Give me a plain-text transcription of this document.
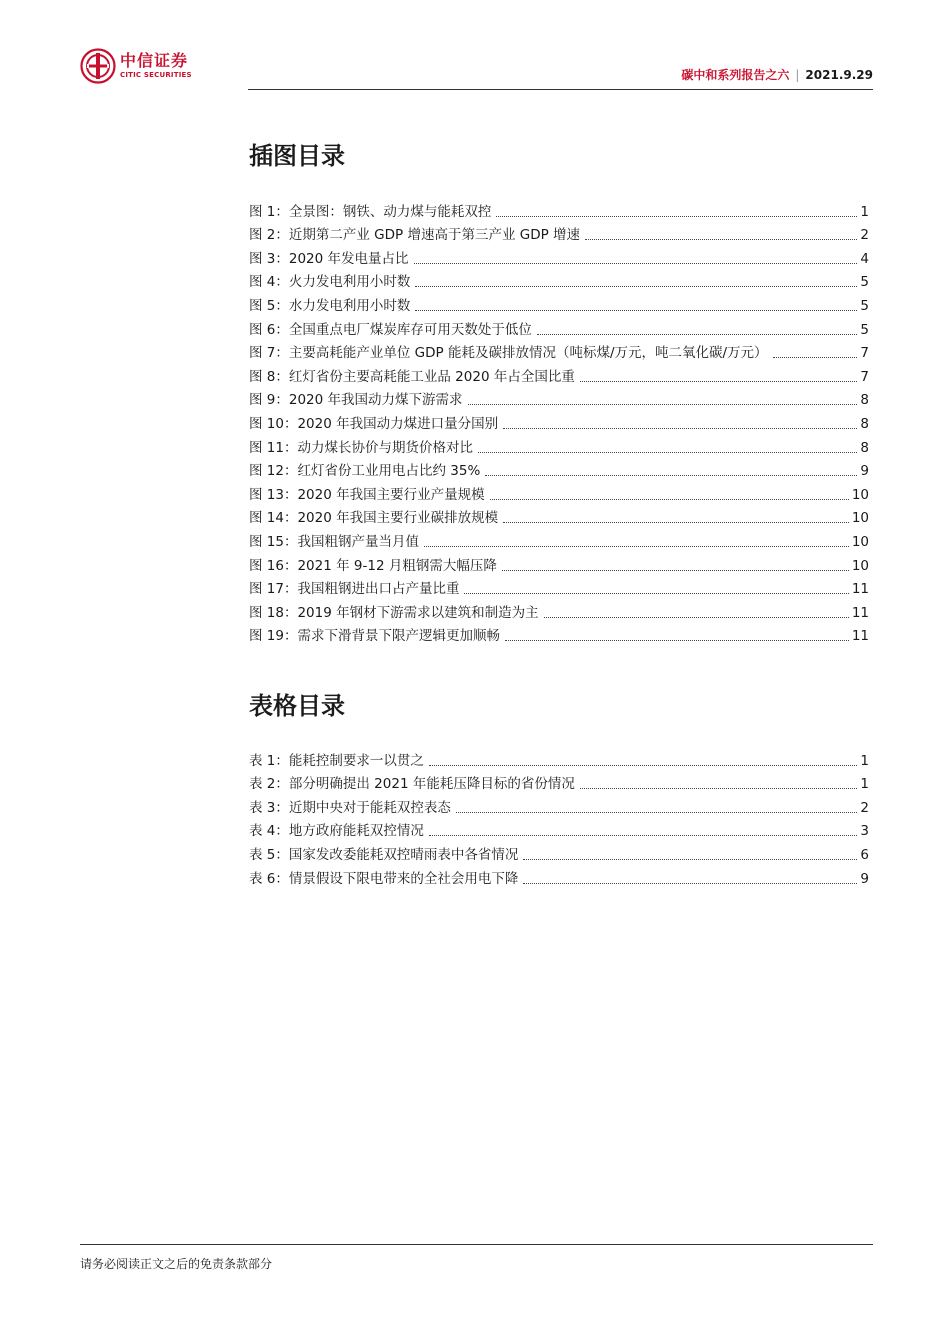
中信证券
CITIC SECURITIES	碳中和系列报告之六 | 2021.9.29
插图目录
图 1：全景图：钢铁、动力煤与能耗双控	1
图 2：近期第二产业 GDP 增速高于第三产业 GDP 增速	2
图 3：2020 年发电量占比	4
图 4：火力发电利用小时数	5
图 5：水力发电利用小时数	5
图 6：全国重点电厂煤炭库存可用天数处于低位	5
图 7：主要高耗能产业单位 GDP 能耗及碳排放情况（吨标煤/万元，吨二氧化碳/万元）	7
图 8：红灯省份主要高耗能工业品 2020 年占全国比重	7
图 9：2020 年我国动力煤下游需求	8
图 10：2020 年我国动力煤进口量分国别	8
图 11：动力煤长协价与期货价格对比	8
图 12：红灯省份工业用电占比约 35%	9
图 13：2020 年我国主要行业产量规模	10
图 14：2020 年我国主要行业碳排放规模	10
图 15：我国粗钢产量当月值	10
图 16：2021 年 9-12 月粗钢需大幅压降	10
图 17：我国粗钢进出口占产量比重	11
图 18：2019 年钢材下游需求以建筑和制造为主	11
图 19：需求下滑背景下限产逻辑更加顺畅	11
表格目录
表 1：能耗控制要求一以贯之	1
表 2：部分明确提出 2021 年能耗压降目标的省份情况	1
表 3：近期中央对于能耗双控表态	2
表 4：地方政府能耗双控情况	3
表 5：国家发改委能耗双控晴雨表中各省情况	6
表 6：情景假设下限电带来的全社会用电下降	9
请务必阅读正文之后的免责条款部分
